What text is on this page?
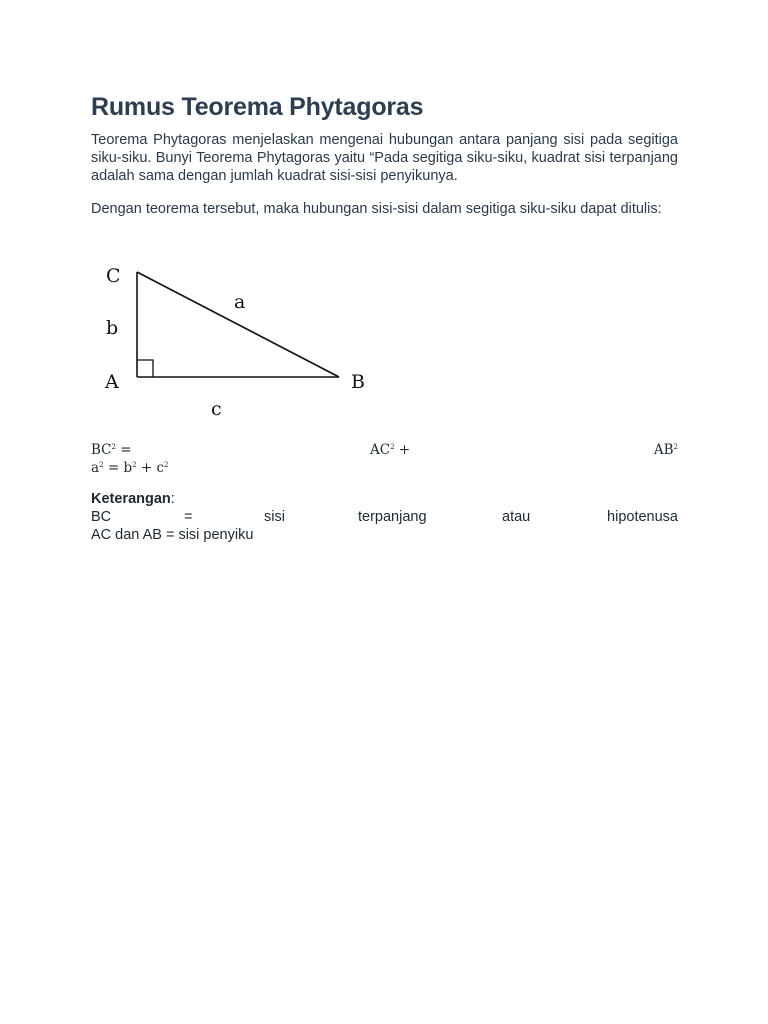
Rumus Teorema Phytagoras

Teorema Phytagoras menjelaskan mengenai hubungan antara panjang sisi pada segitiga siku-siku. Bunyi Teorema Phytagoras yaitu “Pada segitiga siku-siku, kuadrat sisi terpanjang adalah sama dengan jumlah kuadrat sisi-sisi penyikunya.

Dengan teorema tersebut, maka hubungan sisi-sisi dalam segitiga siku-siku dapat ditulis:

C
b
A
a
B
c
$BC^2$ =	$AC^2$ +	$AB^2$
$a^2 = b^2 + c^2$
Keterangan:
BC	=	sisi	terpanjang	atau	hipotenusa
AC dan AB = sisi penyiku
